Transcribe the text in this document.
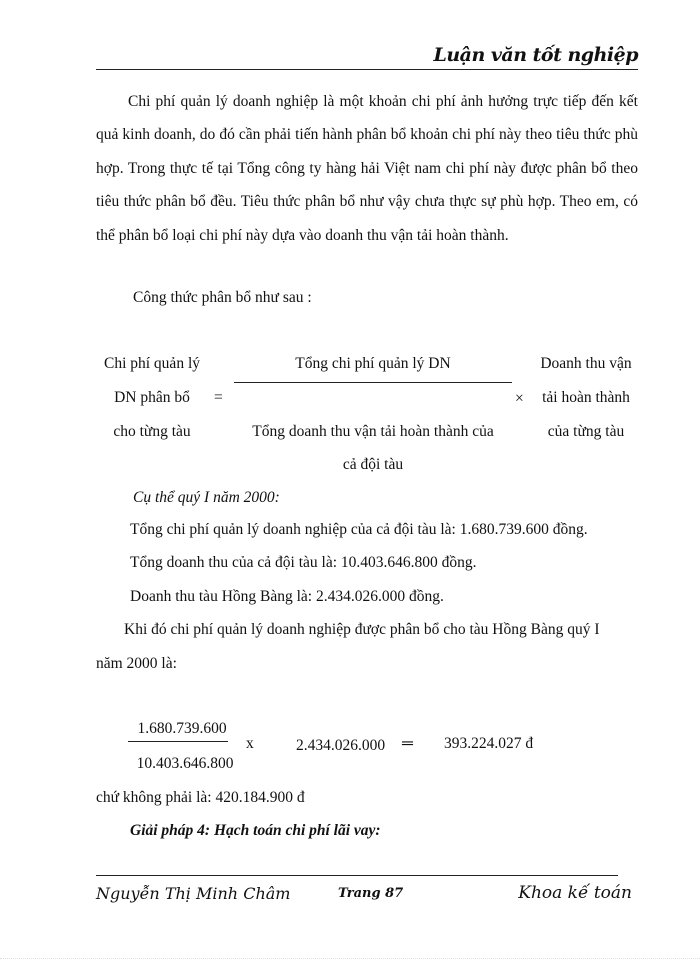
Luận văn tốt nghiệp
Chi phí quản lý doanh nghiệp là một khoản chi phí ảnh hưởng trực tiếp đến kết quả kinh doanh, do đó cần phải tiến hành phân bổ khoản chi phí này theo tiêu thức phù hợp. Trong thực tế tại Tổng công ty hàng hải Việt nam chi phí này được phân bổ theo tiêu thức phân bổ đều. Tiêu thức phân bổ như vậy chưa thực sự phù hợp. Theo em, có thể phân bổ loại chi phí này dựa vào doanh thu vận tải hoàn thành.
Công thức phân bổ như sau :
Chi phí quản lý
DN phân bổ
cho từng tàu
=
Tổng chi phí quản lý DN
Tổng doanh thu vận tải hoàn thành của
cả đội tàu
×
Doanh thu vận
tải hoàn thành
của từng tàu
Cụ thể quý I năm 2000:
Tổng chi phí quản lý doanh nghiệp của cả đội tàu là: 1.680.739.600 đồng.
Tổng doanh thu của cả đội tàu là: 10.403.646.800 đồng.
Doanh thu tàu Hồng Bàng là: 2.434.026.000 đồng.
Khi đó chi phí quản lý doanh nghiệp được phân bổ cho tàu Hồng Bàng quý I
năm 2000 là:
1.680.739.600
10.403.646.800
x	2.434.026.000 ═ 393.224.027 đ
chứ không phải là: 420.184.900 đ
Giải pháp 4: Hạch toán chi phí lãi vay:
Nguyễn Thị Minh Châm	Trang 87	Khoa kế toán
